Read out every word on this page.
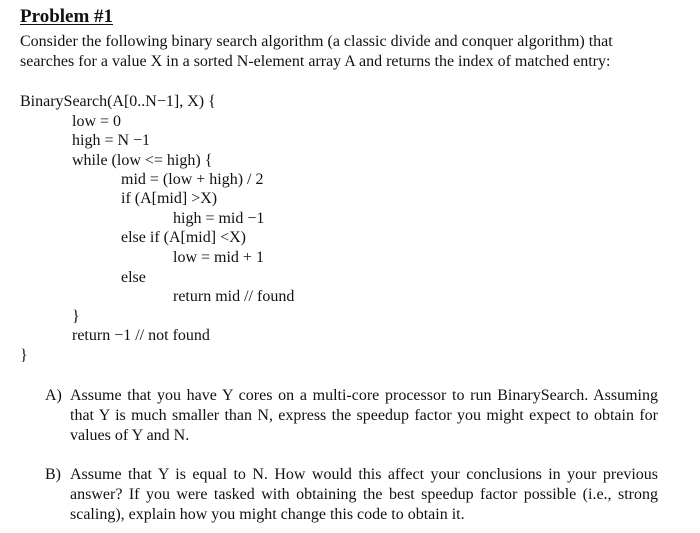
Problem #1
Consider the following binary search algorithm (a classic divide and conquer algorithm) that searches for a value X in a sorted N-element array A and returns the index of matched entry:
BinarySearch(A[0..N−1], X) {
low = 0
high = N −1
while (low <= high) {
mid = (low + high) / 2
if (A[mid] >X)
high = mid −1
else if (A[mid] <X)
low = mid + 1
else
return mid // found
}
return −1 // not found
}
A) Assume that you have Y cores on a multi-core processor to run BinarySearch. Assuming that Y is much smaller than N, express the speedup factor you might expect to obtain for values of Y and N.
B) Assume that Y is equal to N. How would this affect your conclusions in your previous answer? If you were tasked with obtaining the best speedup factor possible (i.e., strong scaling), explain how you might change this code to obtain it.
